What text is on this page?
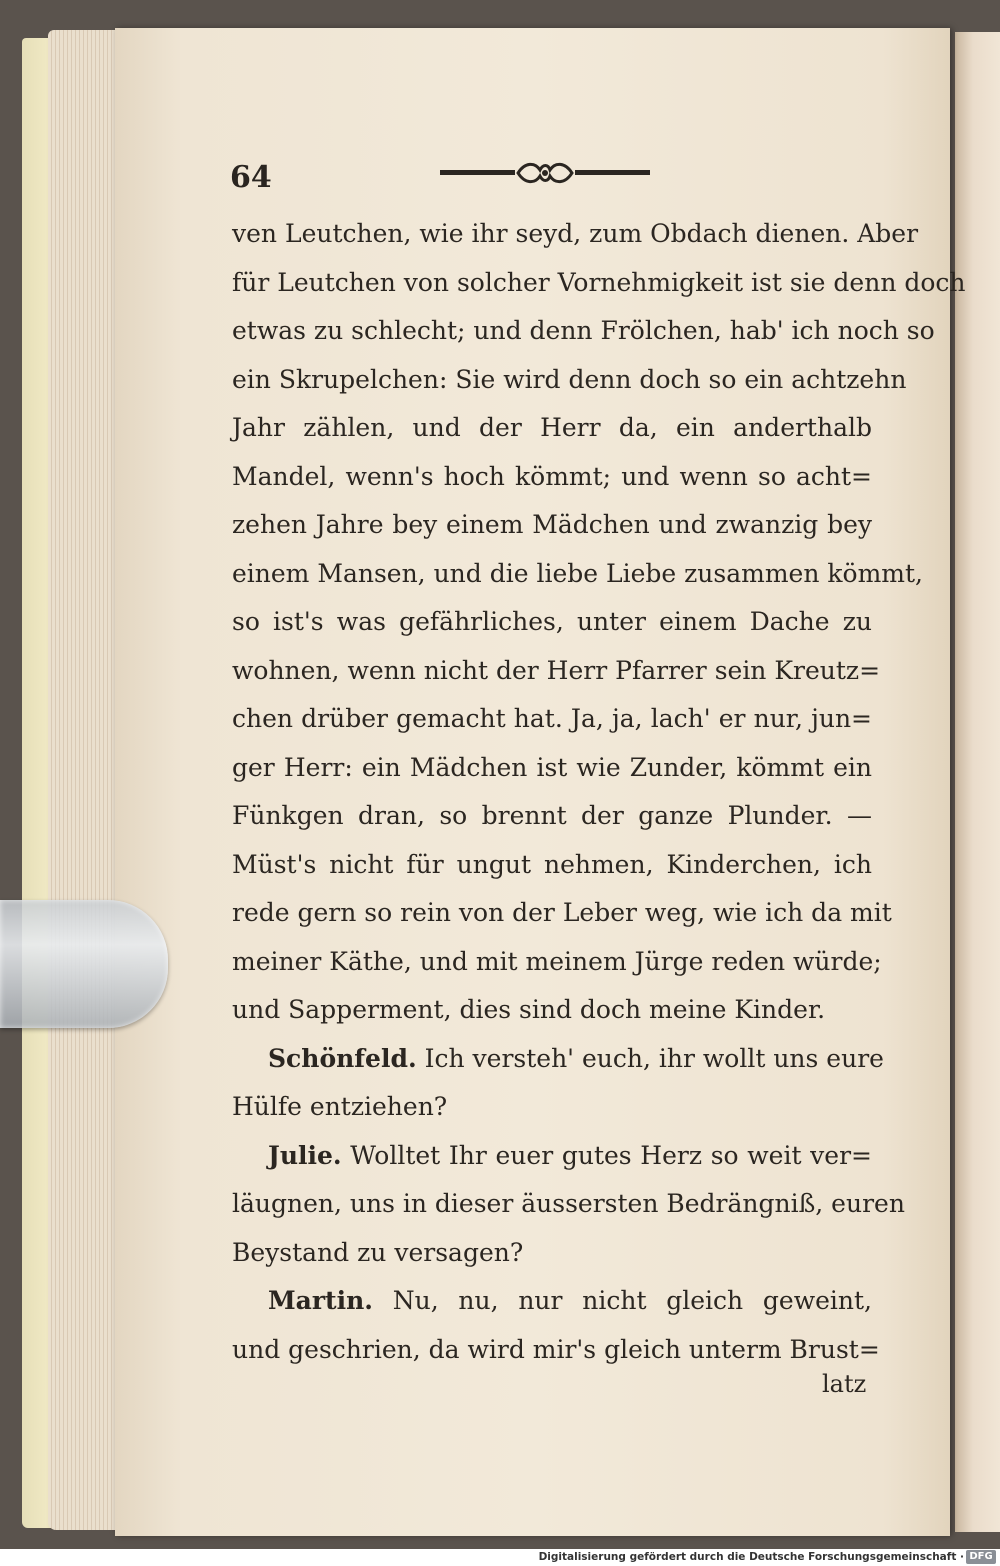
64
ven Leutchen, wie ihr seyd, zum Obdach dienen. Aber
für Leutchen von solcher Vornehmigkeit ist sie denn doch
etwas zu schlecht; und denn Frölchen, hab' ich noch so
ein Skrupelchen: Sie wird denn doch so ein achtzehn
Jahr zählen, und der Herr da, ein anderthalb
Mandel, wenn's hoch kömmt; und wenn so acht=
zehen Jahre bey einem Mädchen und zwanzig bey
einem Mansen, und die liebe Liebe zusammen kömmt,
so ist's was gefährliches, unter einem Dache zu
wohnen, wenn nicht der Herr Pfarrer sein Kreutz=
chen drüber gemacht hat. Ja, ja, lach' er nur, jun=
ger Herr: ein Mädchen ist wie Zunder, kömmt ein
Fünkgen dran, so brennt der ganze Plunder. —
Müst's nicht für ungut nehmen, Kinderchen, ich
rede gern so rein von der Leber weg, wie ich da mit
meiner Käthe, und mit meinem Jürge reden würde;
und Sapperment, dies sind doch meine Kinder.
Schönfeld. Ich versteh' euch, ihr wollt uns eure
Hülfe entziehen?
Julie. Wolltet Ihr euer gutes Herz so weit ver=
läugnen, uns in dieser äussersten Bedrängniß, euren
Beystand zu versagen?
Martin. Nu, nu, nur nicht gleich geweint,
und geschrien, da wird mir's gleich unterm Brust=
latz
Digitalisierung gefördert durch die Deutsche Forschungsgemeinschaft · DFG
